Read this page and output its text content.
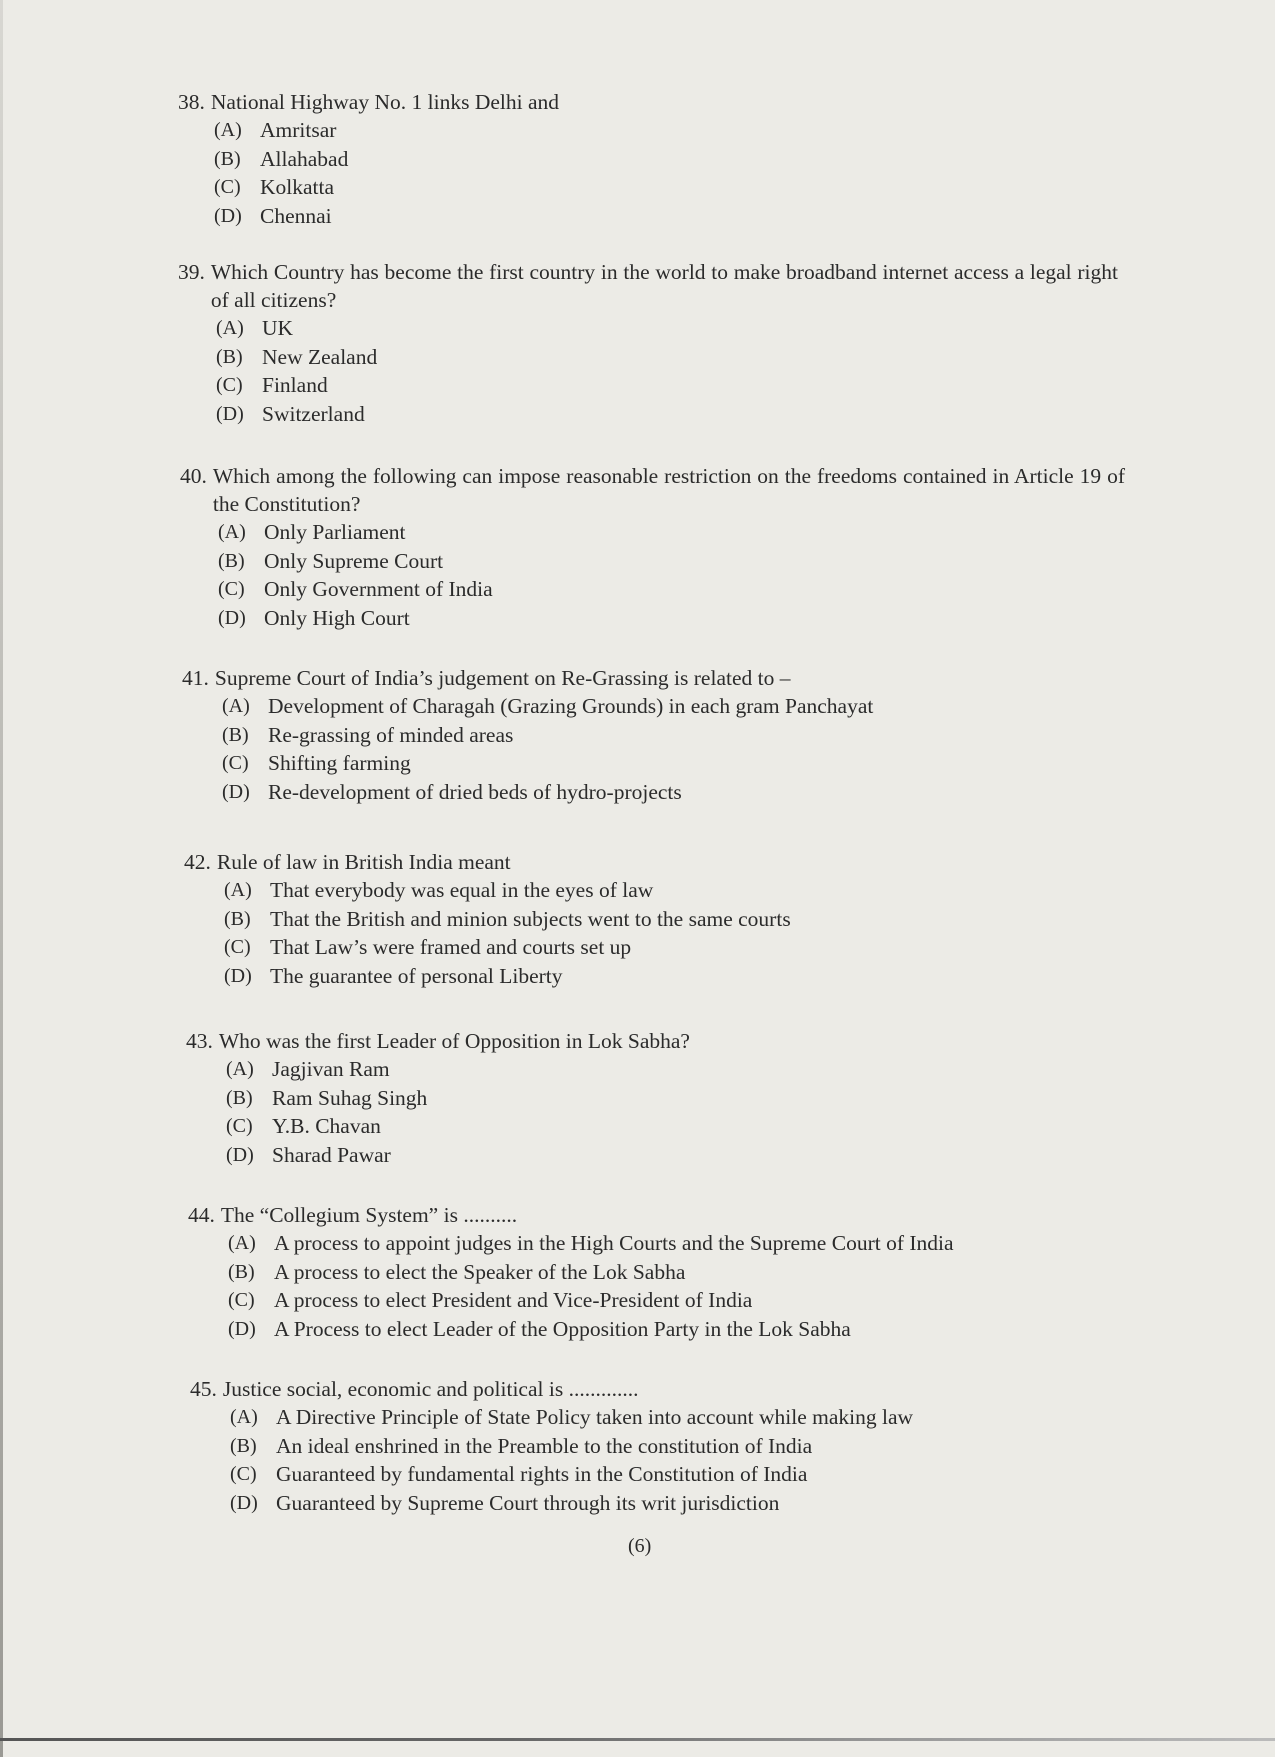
38. National Highway No. 1 links Delhi and
(A) Amritsar
(B) Allahabad
(C) Kolkatta
(D) Chennai
39. Which Country has become the first country in the world to make broadband internet access a legal right of all citizens?
(A) UK
(B) New Zealand
(C) Finland
(D) Switzerland
40. Which among the following can impose reasonable restriction on the freedoms contained in Article 19 of the Constitution?
(A) Only Parliament
(B) Only Supreme Court
(C) Only Government of India
(D) Only High Court
41. Supreme Court of India’s judgement on Re-Grassing is related to –
(A) Development of Charagah (Grazing Grounds) in each gram Panchayat
(B) Re-grassing of minded areas
(C) Shifting farming
(D) Re-development of dried beds of hydro-projects
42. Rule of law in British India meant
(A) That everybody was equal in the eyes of law
(B) That the British and minion subjects went to the same courts
(C) That Law’s were framed and courts set up
(D) The guarantee of personal Liberty
43. Who was the first Leader of Opposition in Lok Sabha?
(A) Jagjivan Ram
(B) Ram Suhag Singh
(C) Y.B. Chavan
(D) Sharad Pawar
44. The “Collegium System” is ..........
(A) A process to appoint judges in the High Courts and the Supreme Court of India
(B) A process to elect the Speaker of the Lok Sabha
(C) A process to elect President and Vice-President of India
(D) A Process to elect Leader of the Opposition Party in the Lok Sabha
45. Justice social, economic and political is .............
(A) A Directive Principle of State Policy taken into account while making law
(B) An ideal enshrined in the Preamble to the constitution of India
(C) Guaranteed by fundamental rights in the Constitution of India
(D) Guaranteed by Supreme Court through its writ jurisdiction
(6)
